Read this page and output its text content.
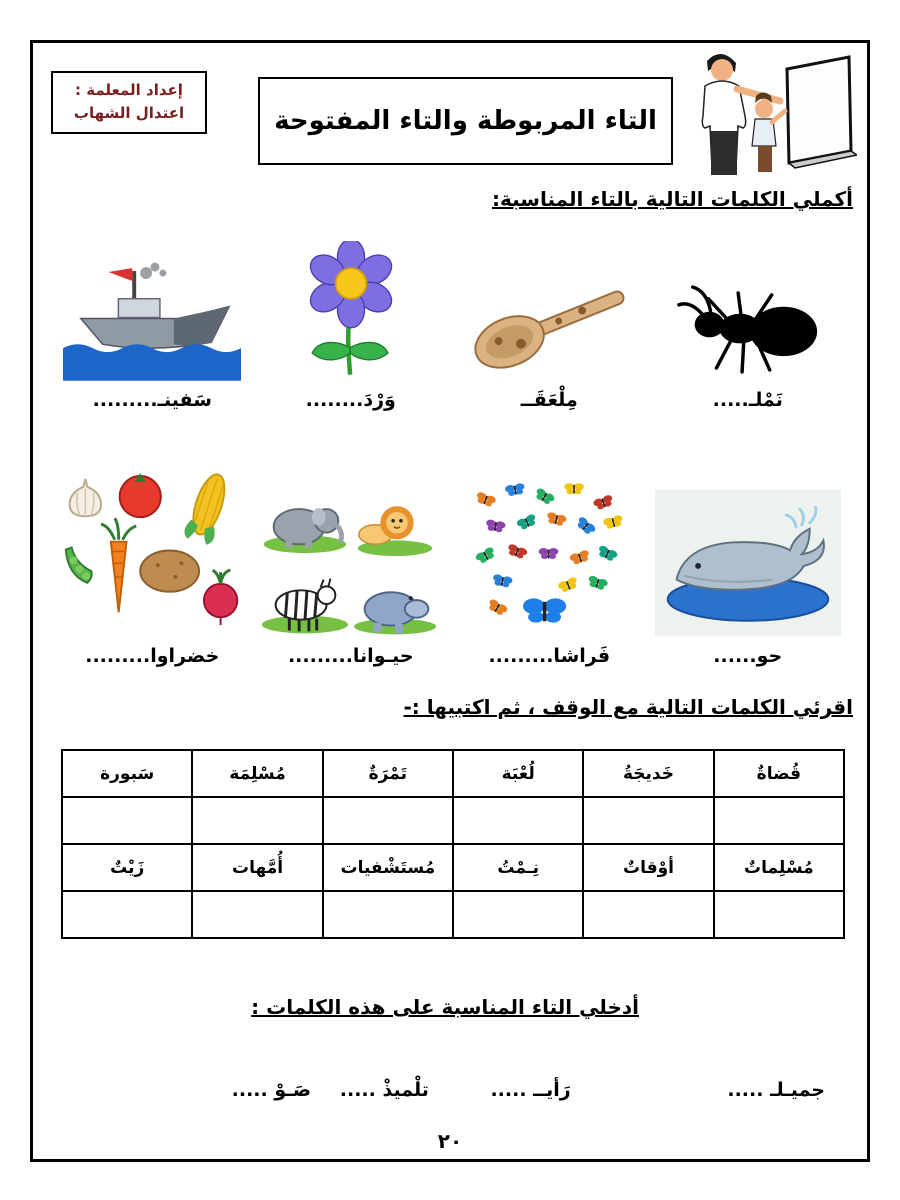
إعداد المعلمة :
اعتدال الشهاب	التاء المربوطة والتاء المفتوحة
أكملي الكلمات التالية بالتاء المناسبة:
نَمْلـ.....
مِلْعَقَــ
وَرْدَ........
سَفينـ.........
حو......
فَراشا.........
حيـوانا.........
خضراوا.........
اقرئي الكلمات التالية مع الوقف ، ثم اكتبيها :-
قُضاةٌ	خَديجَةُ	لُعْبَة	تَمْرَةٌ	مُسْلِمَة	سَبورة

مُسْلِماتٌ	أوْقاتٌ	نِـمْتُ	مُستَشْفيات	أُمَّهات	زَيْتٌ

أدخلي التاء المناسبة على هذه الكلمات :
جميـلـ ..... رَأيــ ..... تلْميذْ ..... صَـوْ .....
٢٠
